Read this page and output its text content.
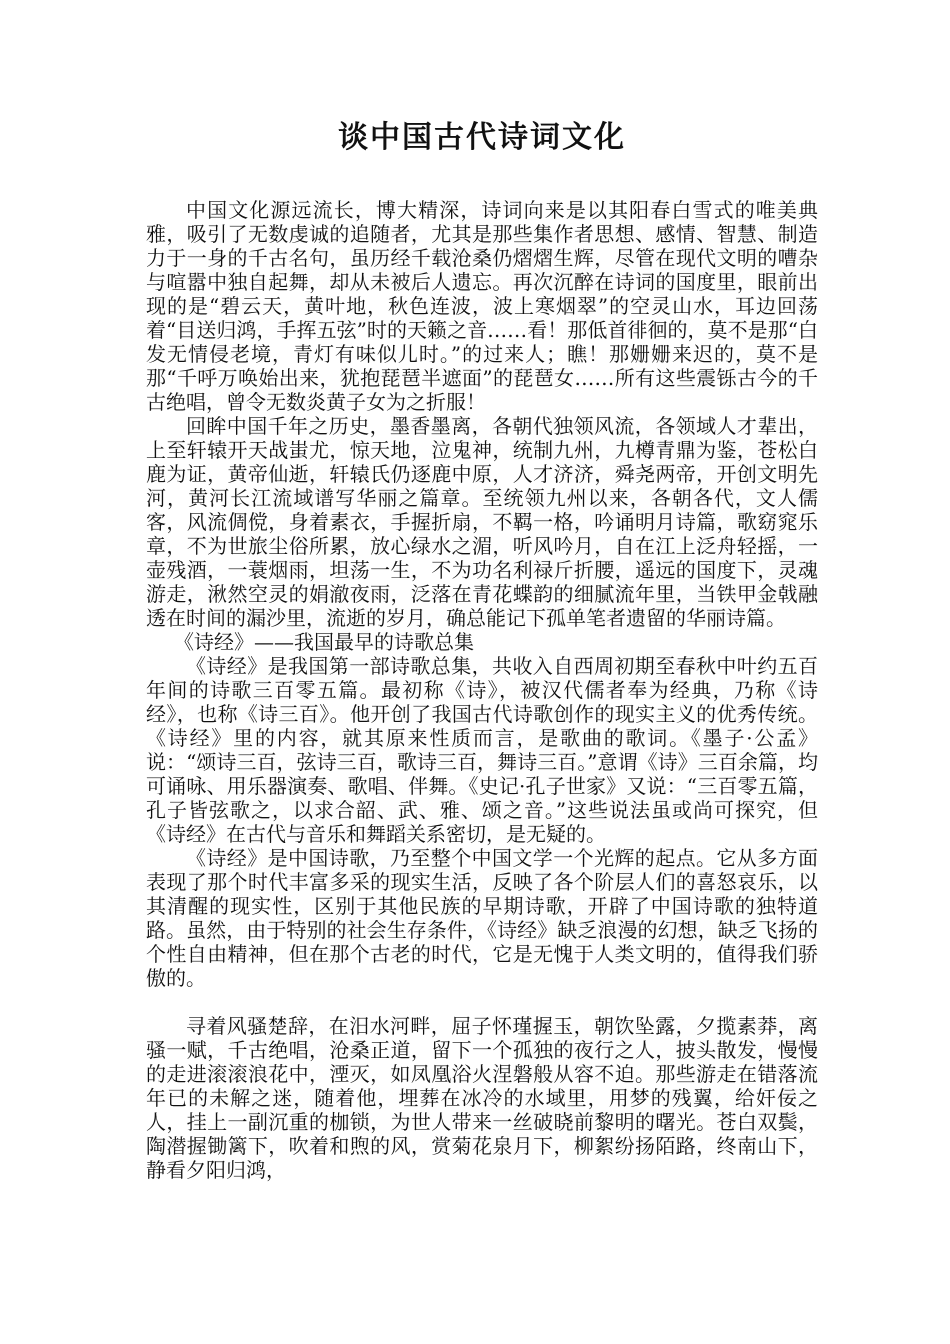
谈中国古代诗词文化

中国文化源远流长，博大精深，诗词向来是以其阳春白雪式的唯美典雅，吸引了无数虔诚的追随者，尤其是那些集作者思想、感情、智慧、制造力于一身的千古名句，虽历经千载沧桑仍熠熠生辉，尽管在现代文明的嘈杂与喧嚣中独自起舞，却从未被后人遗忘。再次沉醉在诗词的国度里，眼前出现的是“碧云天，黄叶地，秋色连波，波上寒烟翠”的空灵山水，耳边回荡着“目送归鸿，手挥五弦”时的天籁之音……看！那低首徘徊的，莫不是那“白发无情侵老境，青灯有味似儿时。”的过来人；瞧！那姗姗来迟的，莫不是那“千呼万唤始出来，犹抱琵琶半遮面”的琵琶女……所有这些震铄古今的千古绝唱，曾令无数炎黄子女为之折服！

回眸中国千年之历史，墨香墨离，各朝代独领风流，各领域人才辈出，上至轩辕开天战蚩尤，惊天地，泣鬼神，统制九州，九樽青鼎为鉴，苍松白鹿为证，黄帝仙逝，轩辕氏仍逐鹿中原，人才济济，舜尧两帝，开创文明先河，黄河长江流域谱写华丽之篇章。至统领九州以来，各朝各代，文人儒客，风流倜傥，身着素衣，手握折扇，不羁一格，吟诵明月诗篇，歌窈窕乐章，不为世旅尘俗所累，放心绿水之湄，听风吟月，自在江上泛舟轻摇，一壶残酒，一蓑烟雨，坦荡一生，不为功名利禄斤折腰，遥远的国度下，灵魂游走，湫然空灵的娟澈夜雨，泛落在青花蝶韵的细腻流年里，当铁甲金戟融透在时间的漏沙里，流逝的岁月，确总能记下孤单笔者遗留的华丽诗篇。

《诗经》——我国最早的诗歌总集

《诗经》是我国第一部诗歌总集，共收入自西周初期至春秋中叶约五百年间的诗歌三百零五篇。最初称《诗》，被汉代儒者奉为经典，乃称《诗经》，也称《诗三百》。他开创了我国古代诗歌创作的现实主义的优秀传统。《诗经》里的内容，就其原来性质而言，是歌曲的歌词。《墨子·公孟》说：“颂诗三百，弦诗三百，歌诗三百，舞诗三百。”意谓《诗》三百余篇，均可诵咏、用乐器演奏、歌唱、伴舞。《史记·孔子世家》又说：“三百零五篇，孔子皆弦歌之，以求合韶、武、雅、颂之音。”这些说法虽或尚可探究，但《诗经》在古代与音乐和舞蹈关系密切，是无疑的。

《诗经》是中国诗歌，乃至整个中国文学一个光辉的起点。它从多方面表现了那个时代丰富多采的现实生活，反映了各个阶层人们的喜怒哀乐，以其清醒的现实性，区别于其他民族的早期诗歌，开辟了中国诗歌的独特道路。虽然，由于特别的社会生存条件，《诗经》缺乏浪漫的幻想，缺乏飞扬的个性自由精神，但在那个古老的时代，它是无愧于人类文明的，值得我们骄傲的。

寻着风骚楚辞，在汨水河畔，屈子怀瑾握玉，朝饮坠露，夕揽素莽，离骚一赋，千古绝唱，沧桑正道，留下一个孤独的夜行之人，披头散发，慢慢的走进滚滚浪花中，湮灭，如凤凰浴火涅磐般从容不迫。那些游走在错落流年已的未解之迷，随着他，埋葬在冰冷的水域里，用梦的残翼，给奸佞之人，挂上一副沉重的枷锁，为世人带来一丝破晓前黎明的曙光。苍白双鬓，陶潜握锄篱下，吹着和煦的风，赏菊花泉月下，柳絮纷扬陌路，终南山下，静看夕阳归鸿，
